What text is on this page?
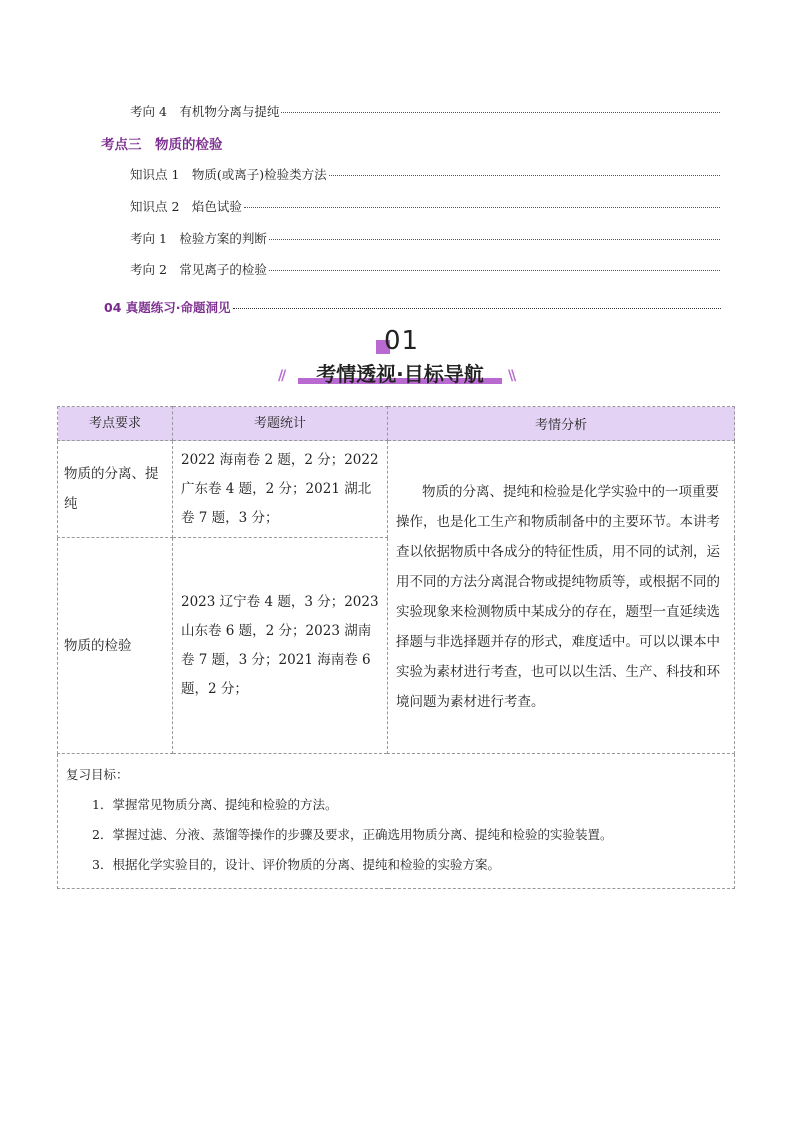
考向 4　有机物分离与提纯
考点三　物质的检验
知识点 1　物质(或离子)检验类方法
知识点 2　焰色试验
考向 1　检验方案的判断
考向 2　常见离子的检验
04 真题练习·命题洞见
01
//	\\
考情透视·目标导航
考点要求	考题统计	考情分析
物质的分离、提纯	2022 海南卷 2 题，2 分；2022 广东卷 4 题，2 分；2021 湖北卷 7 题，3 分；	物质的分离、提纯和检验是化学实验中的一项重要操作，也是化工生产和物质制备中的主要环节。本讲考查以依据物质中各成分的特征性质，用不同的试剂，运用不同的方法分离混合物或提纯物质等，或根据不同的实验现象来检测物质中某成分的存在，题型一直延续选择题与非选择题并存的形式，难度适中。可以以课本中实验为素材进行考查，也可以以生活、生产、科技和环境问题为素材进行考查。
物质的检验	2023 辽宁卷 4 题，3 分；2023 山东卷 6 题，2 分；2023 湖南卷 7 题，3 分；2021 海南卷 6 题，2 分；	

复习目标：
1．掌握常见物质分离、提纯和检验的方法。
2．掌握过滤、分液、蒸馏等操作的步骤及要求，正确选用物质分离、提纯和检验的实验装置。
3．根据化学实验目的，设计、评价物质的分离、提纯和检验的实验方案。		
